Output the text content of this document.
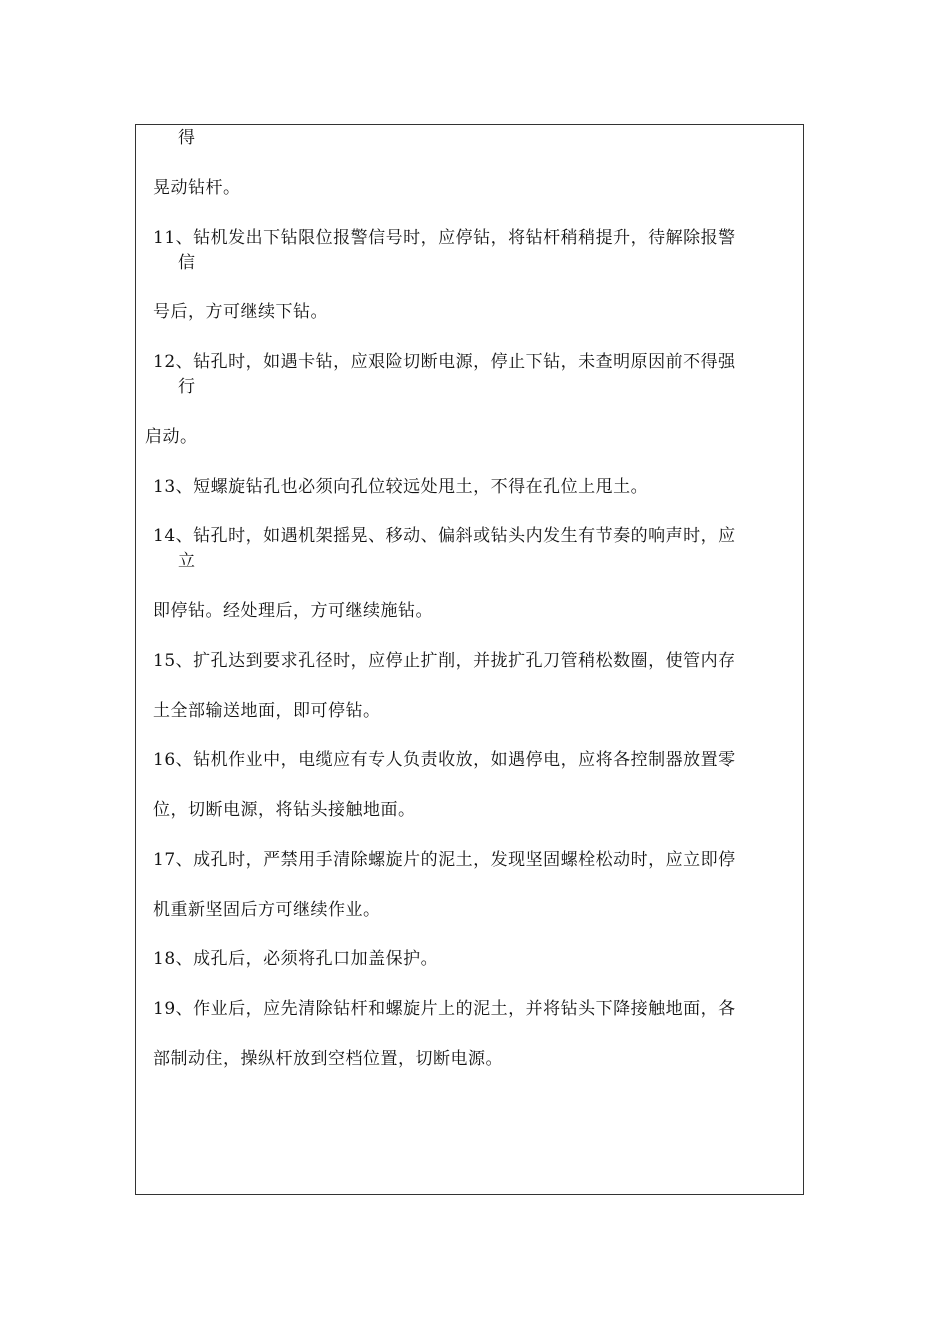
得
晃动钻杆。
11、钻机发出下钻限位报警信号时，应停钻，将钻杆稍稍提升，待解除报警
信
号后，方可继续下钻。
12、钻孔时，如遇卡钻，应艰险切断电源，停止下钻，未查明原因前不得强
行
启动。
13、短螺旋钻孔也必须向孔位较远处甩土，不得在孔位上甩土。
14、钻孔时，如遇机架摇晃、移动、偏斜或钻头内发生有节奏的响声时，应
立
即停钻。经处理后，方可继续施钻。
15、扩孔达到要求孔径时，应停止扩削，并拢扩孔刀管稍松数圈，使管内存
土全部输送地面，即可停钻。
16、钻机作业中，电缆应有专人负责收放，如遇停电，应将各控制器放置零
位，切断电源，将钻头接触地面。
17、成孔时，严禁用手清除螺旋片的泥土，发现坚固螺栓松动时，应立即停
机重新坚固后方可继续作业。
18、成孔后，必须将孔口加盖保护。
19、作业后，应先清除钻杆和螺旋片上的泥土，并将钻头下降接触地面，各
部制动住，操纵杆放到空档位置，切断电源。
